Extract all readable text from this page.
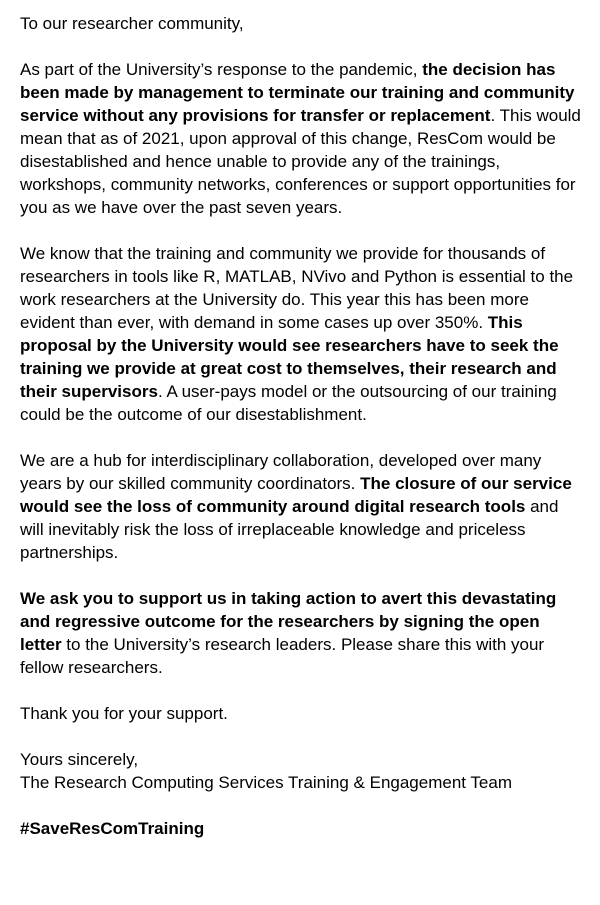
To our researcher community,

As part of the University’s response to the pandemic, the decision has been made by management to terminate our training and community service without any provisions for transfer or replacement. This would mean that as of 2021, upon approval of this change, ResCom would be disestablished and hence unable to provide any of the trainings, workshops, community networks, conferences or support opportunities for you as we have over the past seven years.

We know that the training and community we provide for thousands of researchers in tools like R, MATLAB, NVivo and Python is essential to the work researchers at the University do. This year this has been more evident than ever, with demand in some cases up over 350%. This proposal by the University would see researchers have to seek the training we provide at great cost to themselves, their research and their supervisors. A user-pays model or the outsourcing of our training could be the outcome of our disestablishment.

We are a hub for interdisciplinary collaboration, developed over many years by our skilled community coordinators. The closure of our service would see the loss of community around digital research tools and will inevitably risk the loss of irreplaceable knowledge and priceless partnerships.

We ask you to support us in taking action to avert this devastating and regressive outcome for the researchers by signing the open letter to the University’s research leaders. Please share this with your fellow researchers.

Thank you for your support.

Yours sincerely,
The Research Computing Services Training & Engagement Team

#SaveResComTraining
